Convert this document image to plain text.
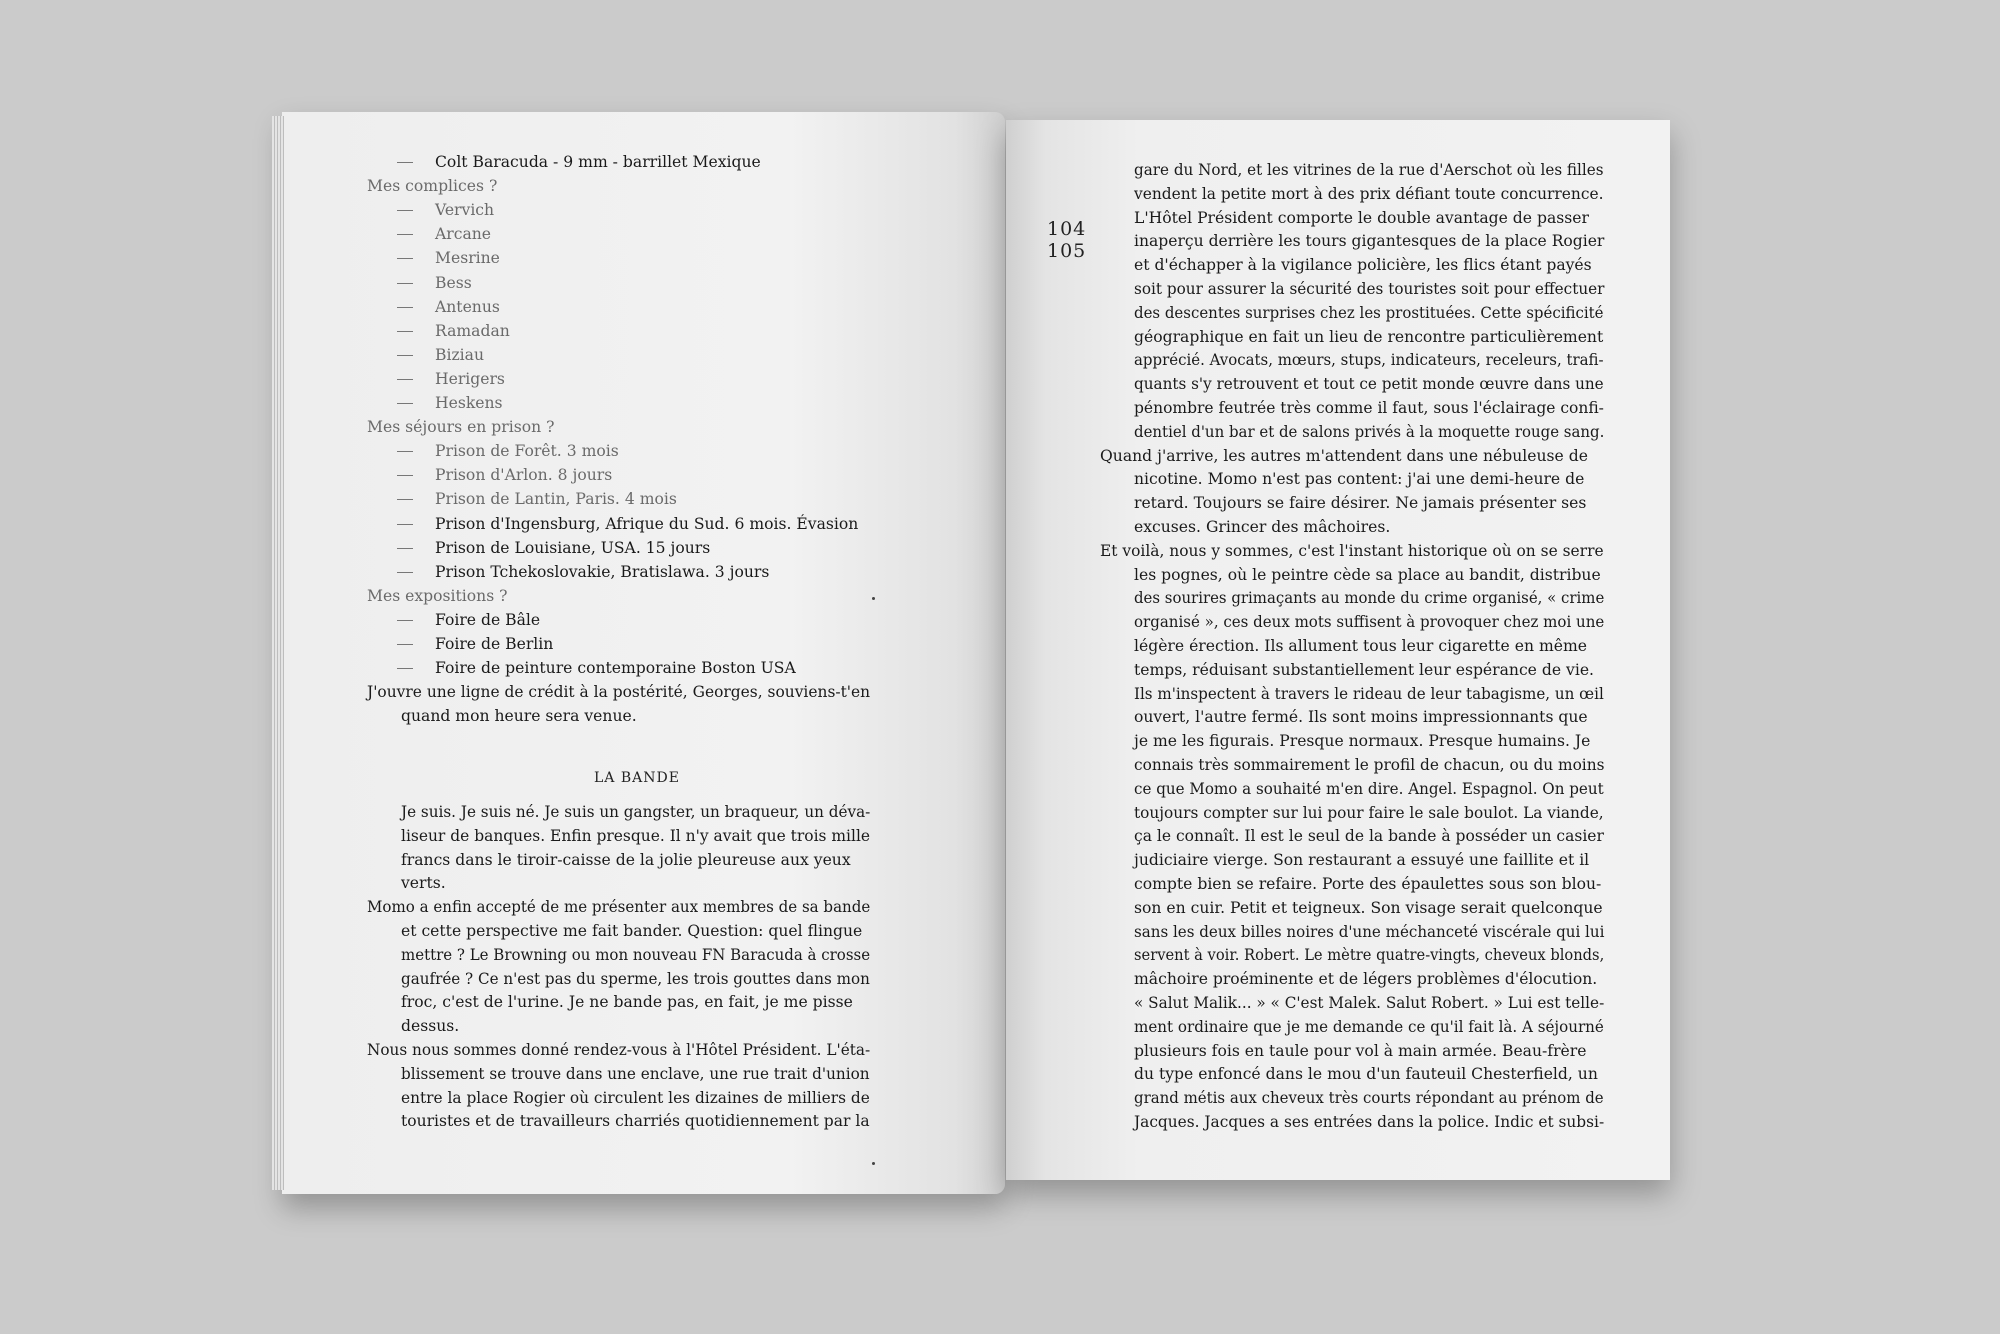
Colt Baracuda - 9 mm - barrillet Mexique
Mes complices ?
Vervich
Arcane
Mesrine
Bess
Antenus
Ramadan
Biziau
Herigers
Heskens
Mes séjours en prison ?
Prison de Forêt. 3 mois
Prison d'Arlon. 8 jours
Prison de Lantin, Paris. 4 mois
Prison d'Ingensburg, Afrique du Sud. 6 mois. Évasion
Prison de Louisiane, USA. 15 jours
Prison Tchekoslovakie, Bratislawa. 3 jours
Mes expositions ?
Foire de Bâle
Foire de Berlin
Foire de peinture contemporaine Boston USA
J'ouvre une ligne de crédit à la postérité, Georges, souviens-t'en
quand mon heure sera venue.
LA BANDE
Je suis. Je suis né. Je suis un gangster, un braqueur, un déva-
liseur de banques. Enfin presque. Il n'y avait que trois mille
francs dans le tiroir-caisse de la jolie pleureuse aux yeux
verts.
Momo a enfin accepté de me présenter aux membres de sa bande
et cette perspective me fait bander. Question: quel flingue
mettre ? Le Browning ou mon nouveau FN Baracuda à crosse
gaufrée ? Ce n'est pas du sperme, les trois gouttes dans mon
froc, c'est de l'urine. Je ne bande pas, en fait, je me pisse
dessus.
Nous nous sommes donné rendez-vous à l'Hôtel Président. L'éta-
blissement se trouve dans une enclave, une rue trait d'union
entre la place Rogier où circulent les dizaines de milliers de
touristes et de travailleurs charriés quotidiennement par la
104
105
gare du Nord, et les vitrines de la rue d'Aerschot où les filles
vendent la petite mort à des prix défiant toute concurrence.
L'Hôtel Président comporte le double avantage de passer
inaperçu derrière les tours gigantesques de la place Rogier
et d'échapper à la vigilance policière, les flics étant payés
soit pour assurer la sécurité des touristes soit pour effectuer
des descentes surprises chez les prostituées. Cette spécificité
géographique en fait un lieu de rencontre particulièrement
apprécié. Avocats, mœurs, stups, indicateurs, receleurs, trafi-
quants s'y retrouvent et tout ce petit monde œuvre dans une
pénombre feutrée très comme il faut, sous l'éclairage confi-
dentiel d'un bar et de salons privés à la moquette rouge sang.
Quand j'arrive, les autres m'attendent dans une nébuleuse de
nicotine. Momo n'est pas content: j'ai une demi-heure de
retard. Toujours se faire désirer. Ne jamais présenter ses
excuses. Grincer des mâchoires.
Et voilà, nous y sommes, c'est l'instant historique où on se serre
les pognes, où le peintre cède sa place au bandit, distribue
des sourires grimaçants au monde du crime organisé, « crime
organisé », ces deux mots suffisent à provoquer chez moi une
légère érection. Ils allument tous leur cigarette en même
temps, réduisant substantiellement leur espérance de vie.
Ils m'inspectent à travers le rideau de leur tabagisme, un œil
ouvert, l'autre fermé. Ils sont moins impressionnants que
je me les figurais. Presque normaux. Presque humains. Je
connais très sommairement le profil de chacun, ou du moins
ce que Momo a souhaité m'en dire. Angel. Espagnol. On peut
toujours compter sur lui pour faire le sale boulot. La viande,
ça le connaît. Il est le seul de la bande à posséder un casier
judiciaire vierge. Son restaurant a essuyé une faillite et il
compte bien se refaire. Porte des épaulettes sous son blou-
son en cuir. Petit et teigneux. Son visage serait quelconque
sans les deux billes noires d'une méchanceté viscérale qui lui
servent à voir. Robert. Le mètre quatre-vingts, cheveux blonds,
mâchoire proéminente et de légers problèmes d'élocution.
« Salut Malik... » « C'est Malek. Salut Robert. » Lui est telle-
ment ordinaire que je me demande ce qu'il fait là. A séjourné
plusieurs fois en taule pour vol à main armée. Beau-frère
du type enfoncé dans le mou d'un fauteuil Chesterfield, un
grand métis aux cheveux très courts répondant au prénom de
Jacques. Jacques a ses entrées dans la police. Indic et subsi-
